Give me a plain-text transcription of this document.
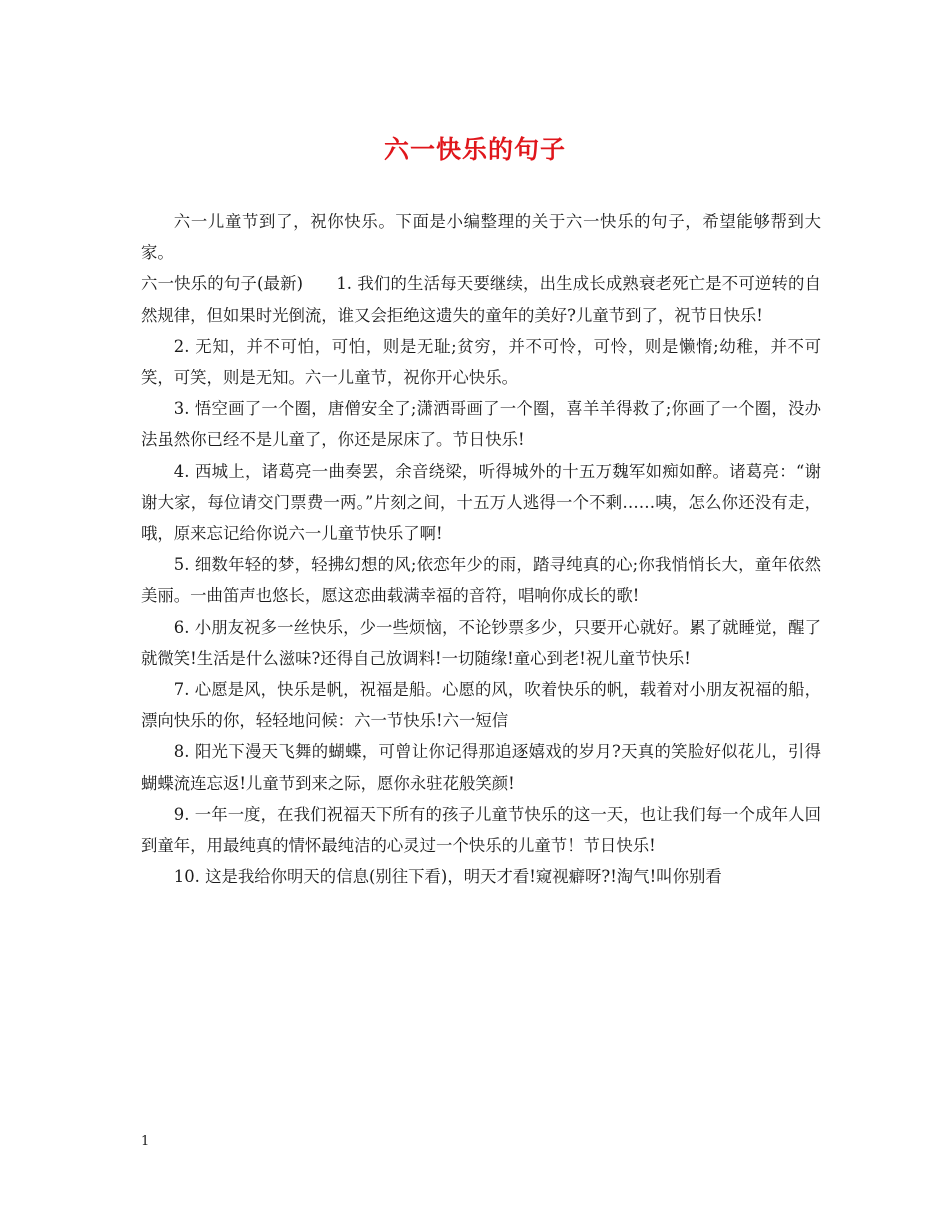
六一快乐的句子

六一儿童节到了，祝你快乐。下面是小编整理的关于六一快乐的句子，希望能够帮到大家。

六一快乐的句子(最新)　　1. 我们的生活每天要继续，出生成长成熟衰老死亡是不可逆转的自然规律，但如果时光倒流，谁又会拒绝这遗失的童年的美好?儿童节到了，祝节日快乐!

2. 无知，并不可怕，可怕，则是无耻;贫穷，并不可怜，可怜，则是懒惰;幼稚，并不可笑，可笑，则是无知。六一儿童节，祝你开心快乐。

3. 悟空画了一个圈，唐僧安全了;潇洒哥画了一个圈，喜羊羊得救了;你画了一个圈，没办法虽然你已经不是儿童了，你还是尿床了。节日快乐!

4. 西城上，诸葛亮一曲奏罢，余音绕梁，听得城外的十五万魏军如痴如醉。诸葛亮：“谢谢大家，每位请交门票费一两。”片刻之间，十五万人逃得一个不剩……咦，怎么你还没有走，哦，原来忘记给你说六一儿童节快乐了啊!

5. 细数年轻的梦，轻拂幻想的风;依恋年少的雨，踏寻纯真的心;你我悄悄长大，童年依然美丽。一曲笛声也悠长，愿这恋曲载满幸福的音符，唱响你成长的歌!

6. 小朋友祝多一丝快乐，少一些烦恼，不论钞票多少，只要开心就好。累了就睡觉，醒了就微笑!生活是什么滋味?还得自己放调料!一切随缘!童心到老!祝儿童节快乐!

7. 心愿是风，快乐是帆，祝福是船。心愿的风，吹着快乐的帆，载着对小朋友祝福的船，漂向快乐的你，轻轻地问候：六一节快乐!六一短信

8. 阳光下漫天飞舞的蝴蝶，可曾让你记得那追逐嬉戏的岁月?天真的笑脸好似花儿，引得蝴蝶流连忘返!儿童节到来之际，愿你永驻花般笑颜!

9. 一年一度，在我们祝福天下所有的孩子儿童节快乐的这一天，也让我们每一个成年人回到童年，用最纯真的情怀最纯洁的心灵过一个快乐的儿童节！节日快乐!

10. 这是我给你明天的信息(别往下看)，明天才看!窥视癖呀?!淘气!叫你别看

1
